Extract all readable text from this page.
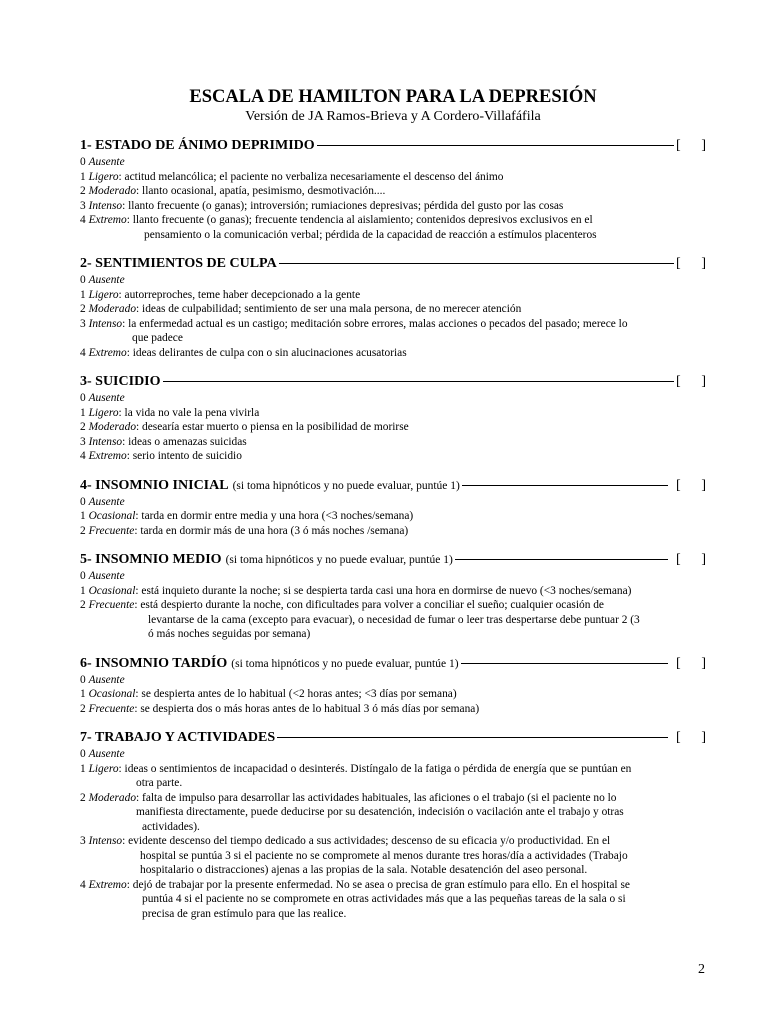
ESCALA DE HAMILTON PARA LA DEPRESIÓN

Versión de JA Ramos-Brieva y A Cordero-Villafáfila

1- ESTADO DE ÁNIMO DEPRIMIDO	[ ]
0 Ausente
1 Ligero: actitud melancólica; el paciente no verbaliza necesariamente el descenso del ánimo
2 Moderado: llanto ocasional, apatía, pesimismo, desmotivación....
3 Intenso: llanto frecuente (o ganas); introversión; rumiaciones depresivas; pérdida del gusto por las cosas
4 Extremo: llanto frecuente (o ganas); frecuente tendencia al aislamiento; contenidos depresivos exclusivos en el
pensamiento o la comunicación verbal; pérdida de la capacidad de reacción a estímulos placenteros
2- SENTIMIENTOS DE CULPA	[ ]
0 Ausente
1 Ligero: autorreproches, teme haber decepcionado a la gente
2 Moderado: ideas de culpabilidad; sentimiento de ser una mala persona, de no merecer atención
3 Intenso: la enfermedad actual es un castigo; meditación sobre errores, malas acciones o pecados del pasado; merece lo
que padece
4 Extremo: ideas delirantes de culpa con o sin alucinaciones acusatorias
3- SUICIDIO	[ ]
0 Ausente
1 Ligero: la vida no vale la pena vivirla
2 Moderado: desearía estar muerto o piensa en la posibilidad de morirse
3 Intenso: ideas o amenazas suicidas
4 Extremo: serio intento de suicidio
4- INSOMNIO INICIAL (si toma hipnóticos y no puede evaluar, puntúe 1)	[ ]
0 Ausente
1 Ocasional: tarda en dormir entre media y una hora (<3 noches/semana)
2 Frecuente: tarda en dormir más de una hora (3 ó más noches /semana)
5- INSOMNIO MEDIO (si toma hipnóticos y no puede evaluar, puntúe 1)	[ ]
0 Ausente
1 Ocasional: está inquieto durante la noche; si se despierta tarda casi una hora en dormirse de nuevo (<3 noches/semana)
2 Frecuente: está despierto durante la noche, con dificultades para volver a conciliar el sueño; cualquier ocasión de
levantarse de la cama (excepto para evacuar), o necesidad de fumar o leer tras despertarse debe puntuar 2 (3
ó más noches seguidas por semana)
6- INSOMNIO TARDÍO (si toma hipnóticos y no puede evaluar, puntúe 1)	[ ]
0 Ausente
1 Ocasional: se despierta antes de lo habitual (<2 horas antes; <3 días por semana)
2 Frecuente: se despierta dos o más horas antes de lo habitual 3 ó más días por semana)
7- TRABAJO Y ACTIVIDADES	[ ]
0 Ausente
1 Ligero: ideas o sentimientos de incapacidad o desinterés. Distíngalo de la fatiga o pérdida de energía que se puntúan en
otra parte.
2 Moderado: falta de impulso para desarrollar las actividades habituales, las aficiones o el trabajo (si el paciente no lo
manifiesta directamente, puede deducirse por su desatención, indecisión o vacilación ante el trabajo y otras
actividades).
3 Intenso: evidente descenso del tiempo dedicado a sus actividades; descenso de su eficacia y/o productividad. En el
hospital se puntúa 3 si el paciente no se compromete al menos durante tres horas/día a actividades (Trabajo
hospitalario o distracciones) ajenas a las propias de la sala. Notable desatención del aseo personal.
4 Extremo: dejó de trabajar por la presente enfermedad. No se asea o precisa de gran estímulo para ello. En el hospital se
puntúa 4 si el paciente no se compromete en otras actividades más que a las pequeñas tareas de la sala o si
precisa de gran estímulo para que las realice.
2
